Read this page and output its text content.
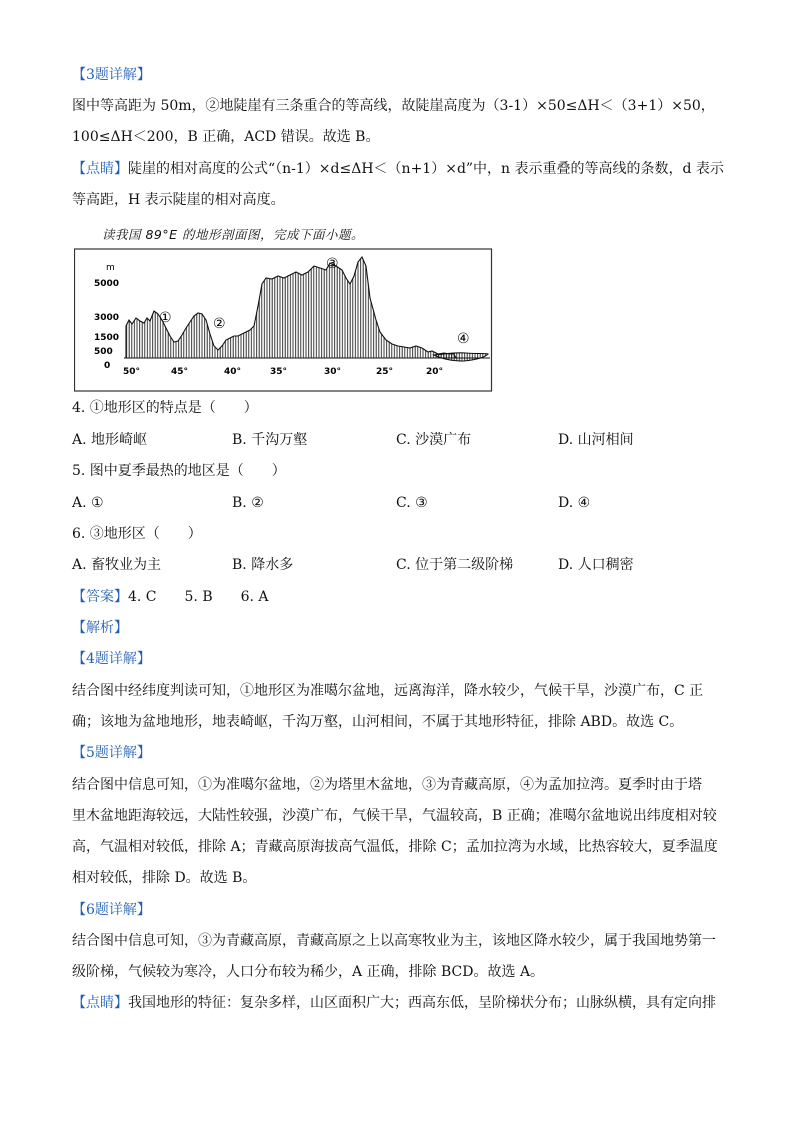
【3题详解】
图中等高距为 50m，②地陡崖有三条重合的等高线，故陡崖高度为（3-1）×50≤ΔH＜（3+1）×50，
100≤ΔH＜200，B 正确，ACD 错误。故选 B。
【点睛】陡崖的相对高度的公式“（n-1）×d≤ΔH＜（n+1）×d”中，n 表示重叠的等高线的条数，d 表示
等高距，H 表示陡崖的相对高度。
读我国 89°E 的地形剖面图，完成下面小题。
m
5000
3000
1500
500
0
50°	45°	40°	35°	30°	25°	20°
①	②
③
④
4. ①地形区的特点是（　　）
A. 地形崎岖	B. 千沟万壑	C. 沙漠广布	D. 山河相间
5. 图中夏季最热的地区是（　　）
A. ①	B. ②	C. ③	D. ④
6. ③地形区（　　）
A. 畜牧业为主	B. 降水多	C. 位于第二级阶梯	D. 人口稠密
【答案】4. C　　5. B　　6. A
【解析】
【4题详解】
结合图中经纬度判读可知，①地形区为准噶尔盆地，远离海洋，降水较少，气候干旱，沙漠广布，C 正
确；该地为盆地地形，地表崎岖，千沟万壑，山河相间，不属于其地形特征，排除 ABD。故选 C。
【5题详解】
结合图中信息可知，①为准噶尔盆地，②为塔里木盆地，③为青藏高原，④为孟加拉湾。夏季时由于塔
里木盆地距海较远，大陆性较强，沙漠广布，气候干旱，气温较高，B 正确；准噶尔盆地说出纬度相对较
高，气温相对较低，排除 A；青藏高原海拔高气温低，排除 C；孟加拉湾为水域，比热容较大，夏季温度
相对较低，排除 D。故选 B。
【6题详解】
结合图中信息可知，③为青藏高原，青藏高原之上以高寒牧业为主，该地区降水较少，属于我国地势第一
级阶梯，气候较为寒冷，人口分布较为稀少，A 正确，排除 BCD。故选 A。
【点睛】我国地形的特征：复杂多样，山区面积广大；西高东低，呈阶梯状分布；山脉纵横，具有定向排
